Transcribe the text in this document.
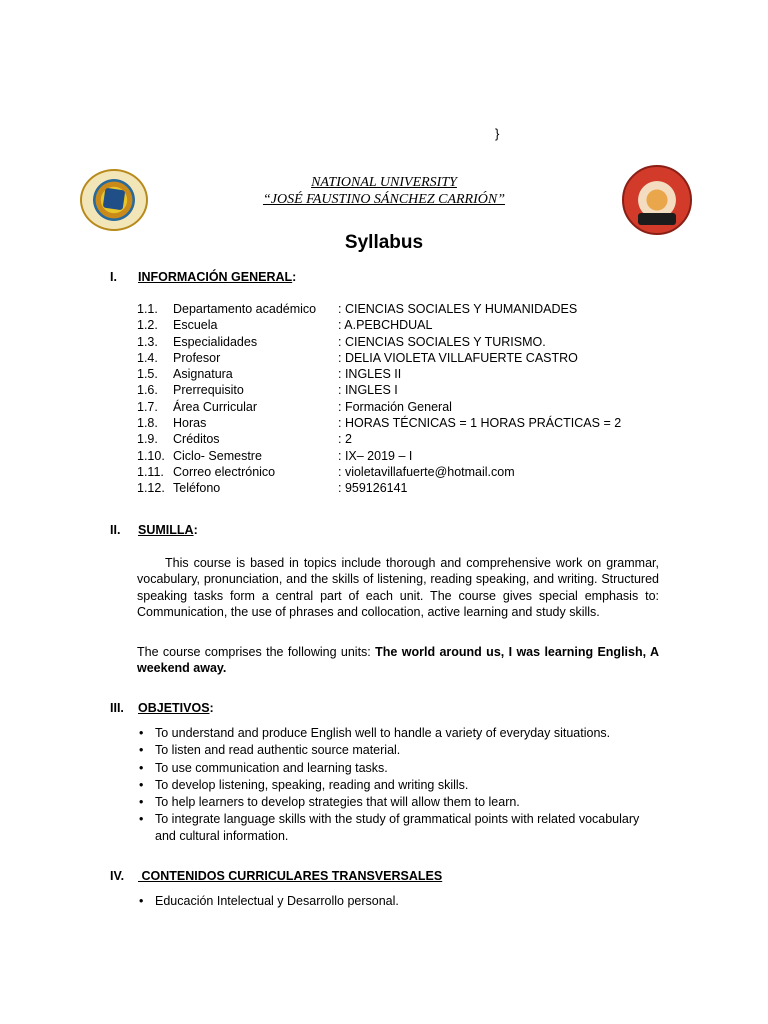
}
NATIONAL UNIVERSITY
“JOSÉ FAUSTINO SÁNCHEZ CARRIÓN”
Syllabus
I. INFORMACIÓN GENERAL:
1.1. Departamento académico : CIENCIAS SOCIALES Y HUMANIDADES
1.2. Escuela	: A.PEBCHDUAL
1.3. Especialidades	: CIENCIAS SOCIALES Y TURISMO.
1.4. Profesor	: DELIA VIOLETA VILLAFUERTE CASTRO
1.5. Asignatura	: INGLES II
1.6. Prerrequisito	: INGLES I
1.7. Área Curricular	: Formación General
1.8. Horas	: HORAS TÉCNICAS = 1 HORAS PRÁCTICAS = 2
1.9. Créditos	: 2
1.10. Ciclo- Semestre	: IX– 2019 – I
1.11. Correo electrónico	: violetavillafuerte@hotmail.com
1.12. Teléfono	: 959126141
II. SUMILLA:
This course is based in topics include thorough and comprehensive work on grammar, vocabulary, pronunciation, and the skills of listening, reading speaking, and writing. Structured speaking tasks form a central part of each unit. The course gives special emphasis to: Communication, the use of phrases and collocation, active learning and study skills.
The course comprises the following units: The world around us, I was learning English, A weekend away.
III. OBJETIVOS:
• To understand and produce English well to handle a variety of everyday situations.
• To listen and read authentic source material.
• To use communication and learning tasks.
• To develop listening, speaking, reading and writing skills.
• To help learners to develop strategies that will allow them to learn.
• To integrate language skills with the study of grammatical points with related vocabulary and cultural information.
IV. CONTENIDOS CURRICULARES TRANSVERSALES
• Educación Intelectual y Desarrollo personal.
